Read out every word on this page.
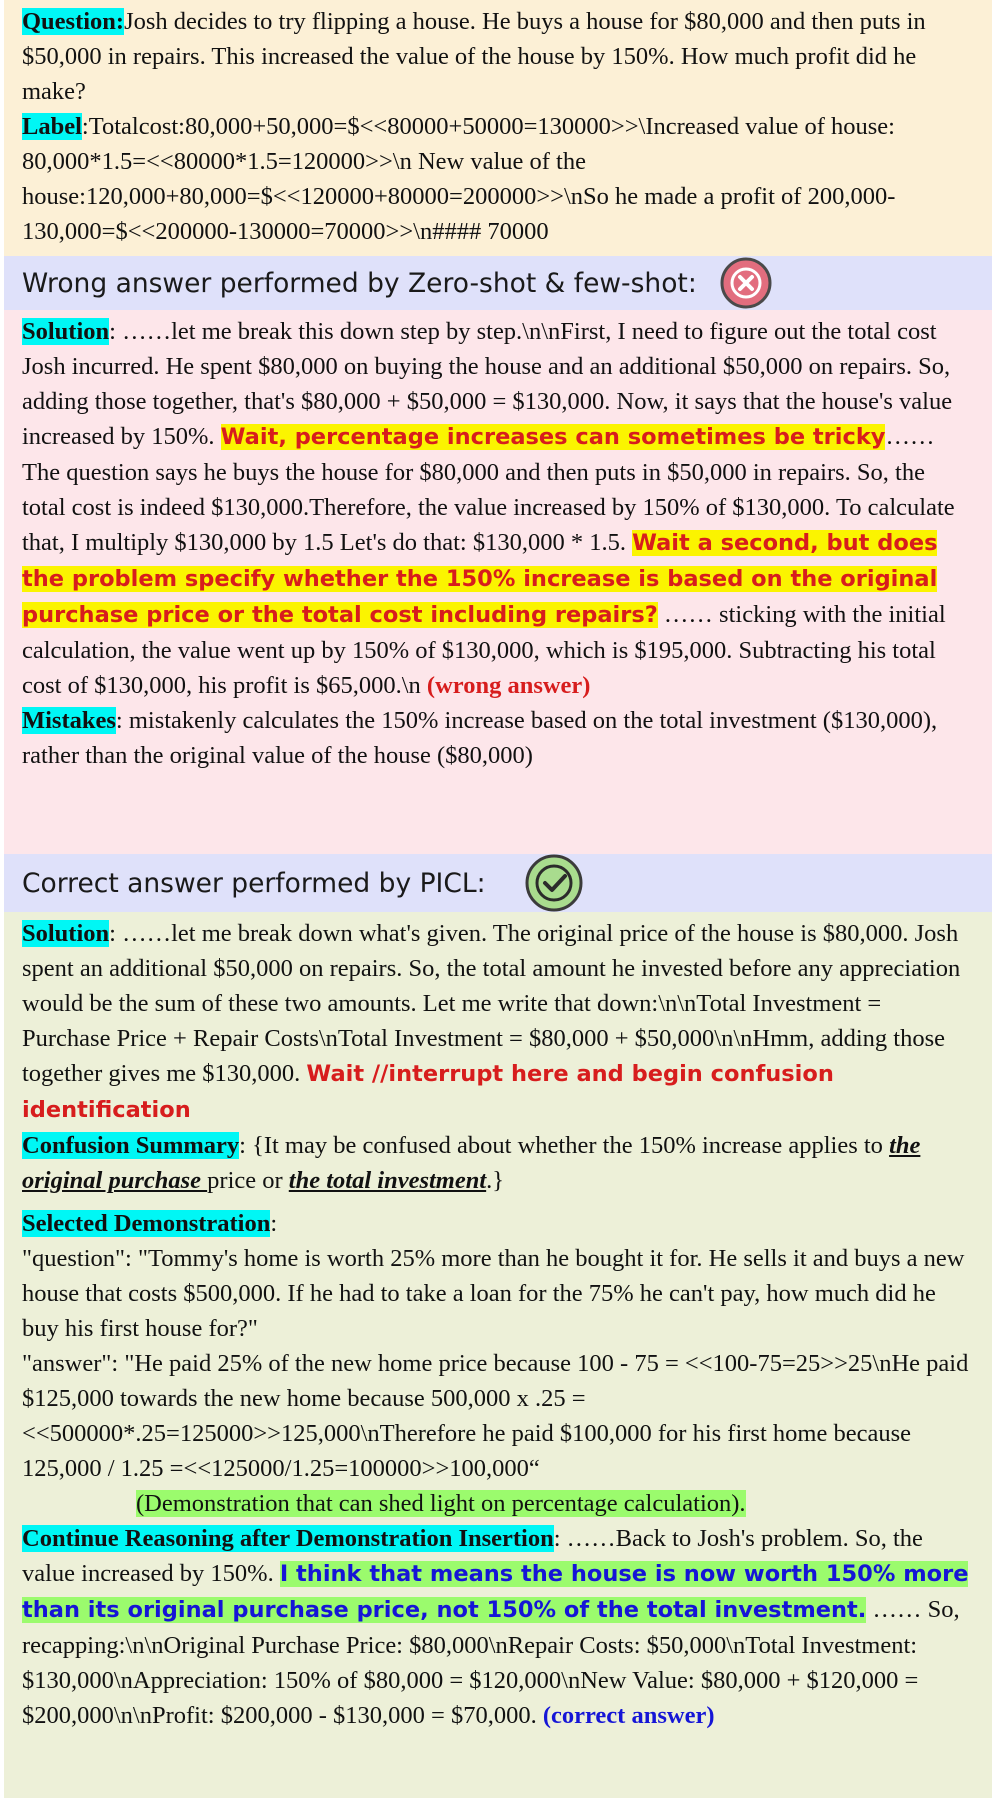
Question:Josh decides to try flipping a house. He buys a house for $80,000 and then puts in $50,000 in repairs. This increased the value of the house by 150%. How much profit did he make?
Label:Totalcost:80,000+50,000=$<<80000+50000=130000>>\Increased value of house: 80,000*1.5=<<80000*1.5=120000>>\n New value of the house:120,000+80,000=$<<120000+80000=200000>>\nSo he made a profit of 200,000-130,000=$<<200000-130000=70000>>\n#### 70000
Wrong answer performed by Zero-shot & few-shot:
Solution: ……let me break this down step by step.\n\nFirst, I need to figure out the total cost Josh incurred. He spent $80,000 on buying the house and an additional $50,000 on repairs. So, adding those together, that's $80,000 + $50,000 = $130,000. Now, it says that the house's value increased by 150%. Wait, percentage increases can sometimes be tricky…… The question says he buys the house for $80,000 and then puts in $50,000 in repairs. So, the total cost is indeed $130,000.Therefore, the value increased by 150% of $130,000. To calculate that, I multiply $130,000 by 1.5 Let's do that: $130,000 * 1.5. Wait a second, but does the problem specify whether the 150% increase is based on the original purchase price or the total cost including repairs? …… sticking with the initial calculation, the value went up by 150% of $130,000, which is $195,000. Subtracting his total cost of $130,000, his profit is $65,000.\n (wrong answer)
Mistakes: mistakenly calculates the 150% increase based on the total investment ($130,000), rather than the original value of the house ($80,000)
Correct answer performed by PICL:
Solution: ……let me break down what's given. The original price of the house is $80,000. Josh spent an additional $50,000 on repairs. So, the total amount he invested before any appreciation would be the sum of these two amounts. Let me write that down:\n\nTotal Investment = Purchase Price + Repair Costs\nTotal Investment = $80,000 + $50,000\n\nHmm, adding those together gives me $130,000. Wait //interrupt here and begin confusion identification
Confusion Summary: {It may be confused about whether the 150% increase applies to the original purchase price or the total investment.}
Selected Demonstration:
"question": "Tommy's home is worth 25% more than he bought it for. He sells it and buys a new house that costs $500,000. If he had to take a loan for the 75% he can't pay, how much did he buy his first house for?"
"answer": "He paid 25% of the new home price because 100 - 75 = <<100-75=25>>25\nHe paid $125,000 towards the new home because 500,000 x .25 = <<500000*.25=125000>>125,000\nTherefore he paid $100,000 for his first home because 125,000 / 1.25 =<<125000/1.25=100000>>100,000“
(Demonstration that can shed light on percentage calculation).
Continue Reasoning after Demonstration Insertion: ……Back to Josh's problem. So, the value increased by 150%. I think that means the house is now worth 150% more than its original purchase price, not 150% of the total investment. …… So, recapping:\n\nOriginal Purchase Price: $80,000\nRepair Costs: $50,000\nTotal Investment: $130,000\nAppreciation: 150% of $80,000 = $120,000\nNew Value: $80,000 + $120,000 = $200,000\n\nProfit: $200,000 - $130,000 = $70,000. (correct answer)
